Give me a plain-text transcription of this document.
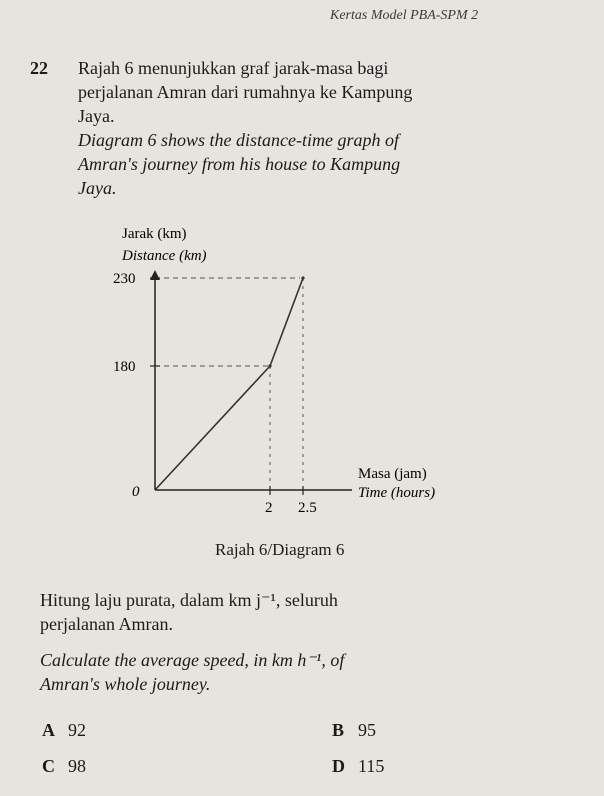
Kertas Model PBA-SPM 2
22 Rajah 6 menunjukkan graf jarak-masa bagi
perjalanan Amran dari rumahnya ke Kampung
Jaya.
Diagram 6 shows the distance-time graph of
Amran's journey from his house to Kampung
Jaya.
Jarak (km)
Distance (km)
0
180
230
2 2.5
Masa (jam)
Time (hours)
Rajah 6/Diagram 6
Hitung laju purata, dalam km j⁻¹, seluruh
perjalanan Amran.
Calculate the average speed, in km h⁻¹, of
Amran's whole journey.
A 92	B 95
C 98	D 115
